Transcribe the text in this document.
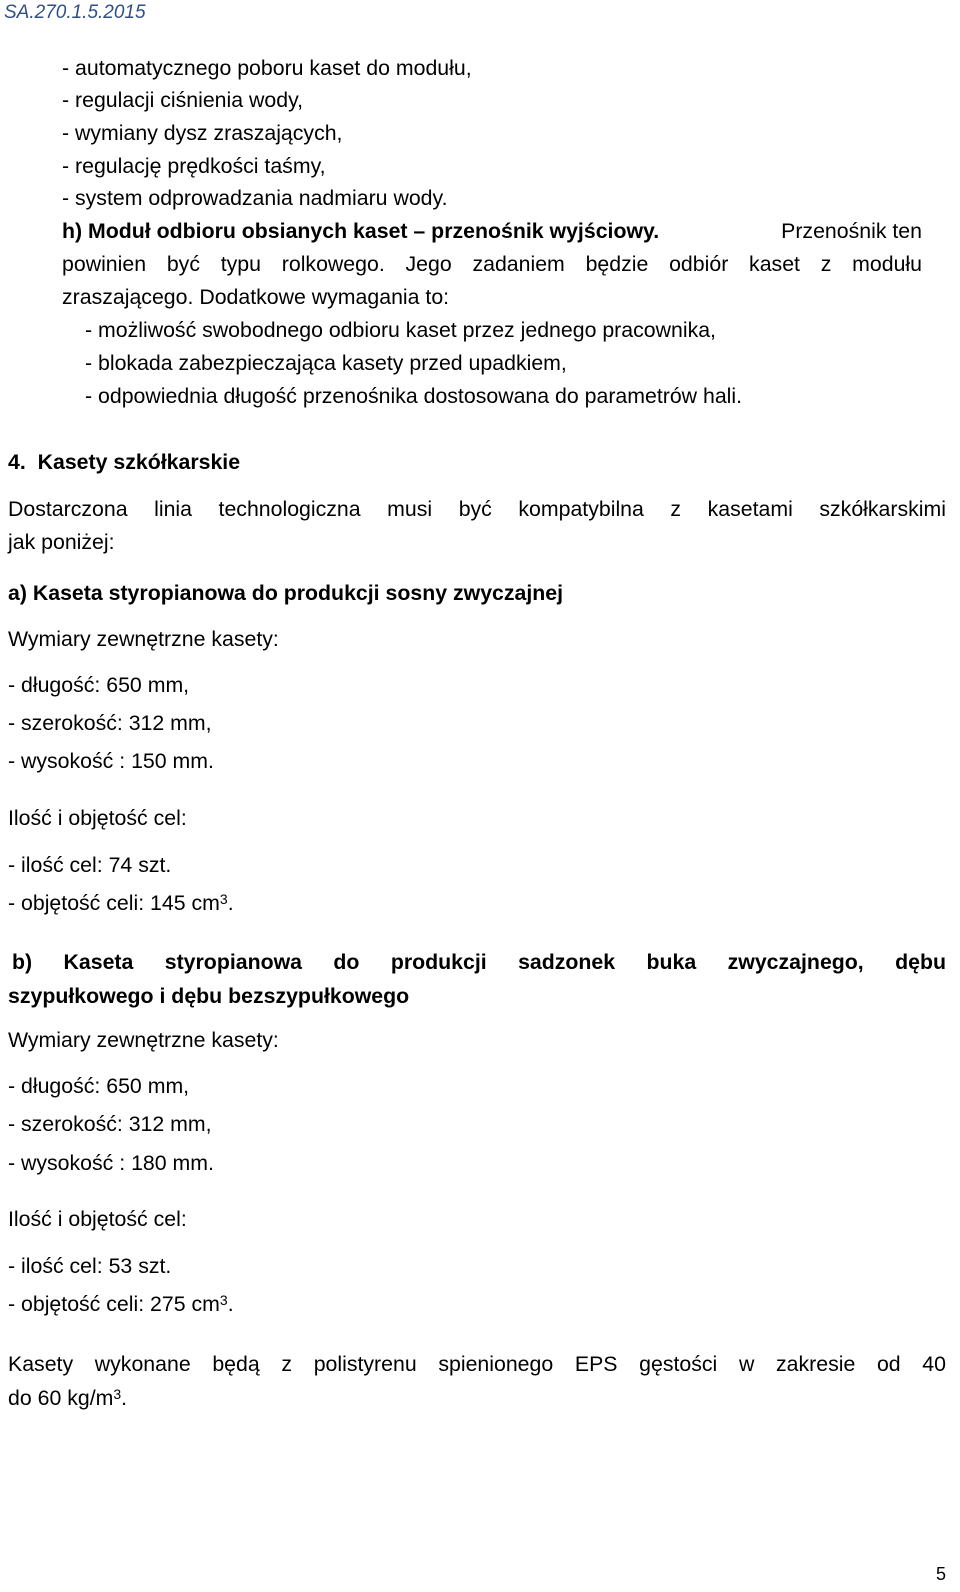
SA.270.1.5.2015
- automatycznego poboru kaset do modułu,
- regulacji ciśnienia wody,
- wymiany dysz zraszających,
- regulację prędkości taśmy,
- system odprowadzania nadmiaru wody.
h) Moduł odbioru obsianych kaset – przenośnik wyjściowy.	Przenośnik ten
powinien być typu rolkowego. Jego zadaniem będzie odbiór kaset z modułu
zraszającego. Dodatkowe wymagania to:
- możliwość swobodnego odbioru kaset przez jednego pracownika,
- blokada zabezpieczająca kasety przed upadkiem,
- odpowiednia długość przenośnika dostosowana do parametrów hali.
4.  Kasety szkółkarskie
Dostarczona linia technologiczna musi być kompatybilna z kasetami szkółkarskimi
jak poniżej:
a) Kaseta styropianowa do produkcji sosny zwyczajnej
Wymiary zewnętrzne kasety:
- długość: 650 mm,
- szerokość: 312 mm,
- wysokość : 150 mm.
Ilość i objętość cel:
- ilość cel: 74 szt.
- objętość celi: 145 $cm^3$.
b) Kaseta styropianowa do produkcji sadzonek buka zwyczajnego, dębu
szypułkowego i dębu bezszypułkowego
Wymiary zewnętrzne kasety:
- długość: 650 mm,
- szerokość: 312 mm,
- wysokość : 180 mm.
Ilość i objętość cel:
- ilość cel: 53 szt.
- objętość celi: 275 $cm^3$.
Kasety wykonane będą z polistyrenu spienionego EPS gęstości w zakresie od 40
do 60 $kg/m^3$.
5
